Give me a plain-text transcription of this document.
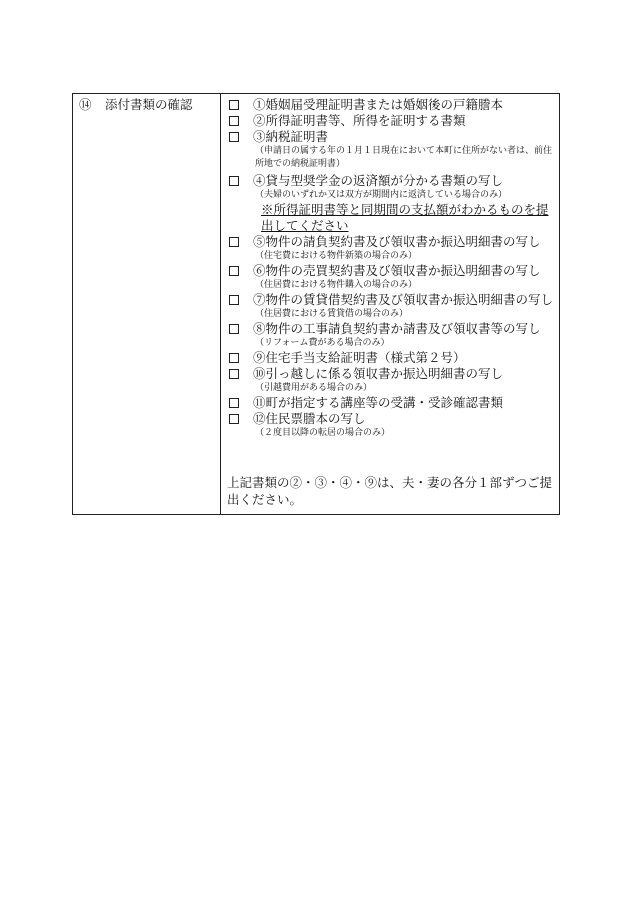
⑭ 添付書類の確認	①婚姻届受理証明書または婚姻後の戸籍謄本
②所得証明書等、所得を証明する書類
③納税証明書
（申請日の属する年の１月１日現在において本町に住所がない者は、前住所地での納税証明書）
④貸与型奨学金の返済額が分かる書類の写し
（夫婦のいずれか又は双方が期間内に返済している場合のみ）
※所得証明書等と同期間の支払額がわかるものを提出してください
⑤物件の請負契約書及び領収書か振込明細書の写し
（住宅費における物件新築の場合のみ）
⑥物件の売買契約書及び領収書か振込明細書の写し
（住居費における物件購入の場合のみ）
⑦物件の賃貸借契約書及び領収書か振込明細書の写し
（住居費における賃貸借の場合のみ）
⑧物件の工事請負契約書か請書及び領収書等の写し
（リフォーム費がある場合のみ）
⑨住宅手当支給証明書（様式第２号）
⑩引っ越しに係る領収書か振込明細書の写し
（引越費用がある場合のみ）
⑪町が指定する講座等の受講・受診確認書類
⑫住民票謄本の写し
（２度目以降の転居の場合のみ）
上記書類の②・③・④・⑨は、夫・妻の各分１部ずつご提出ください。
